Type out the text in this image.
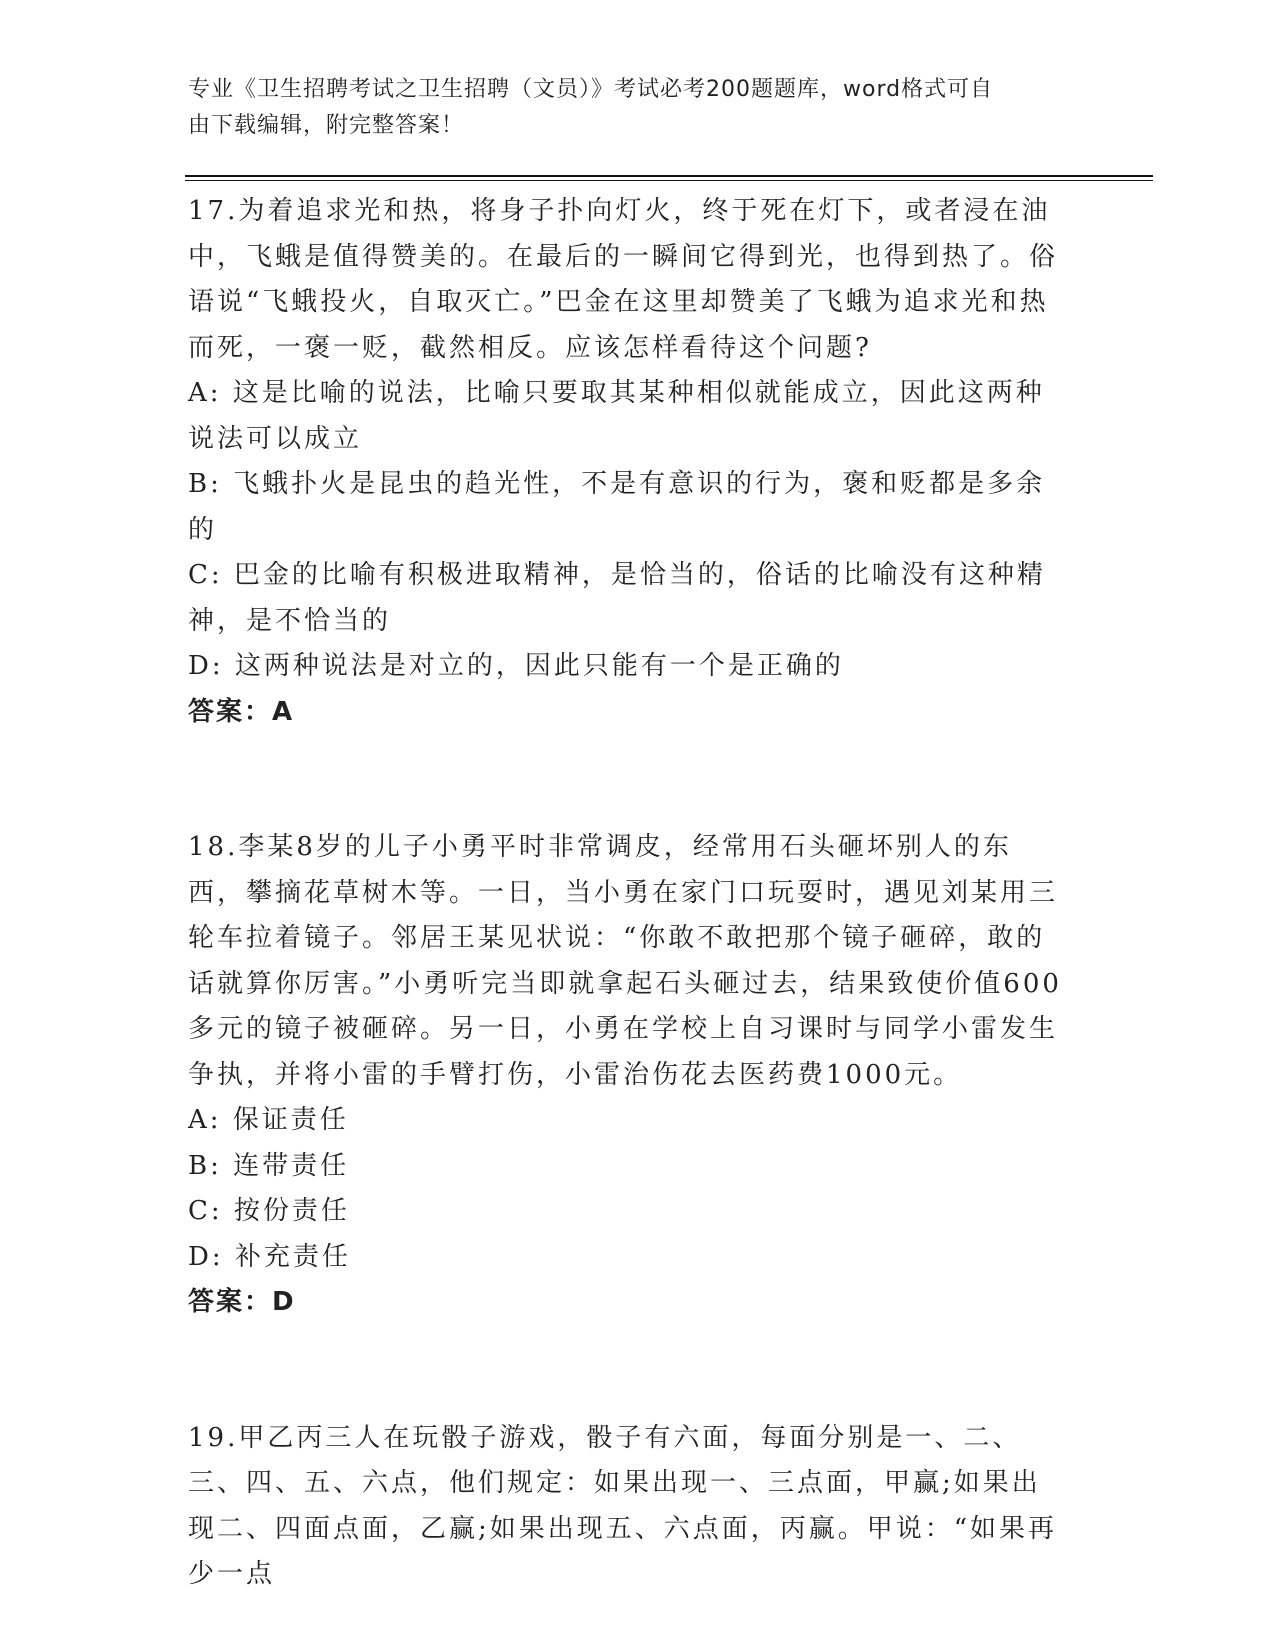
专业《卫生招聘考试之卫生招聘（文员）》考试必考200题题库，word格式可自
由下载编辑，附完整答案！

17.为着追求光和热，将身子扑向灯火，终于死在灯下，或者浸在油中，飞蛾是值得赞美的。在最后的一瞬间它得到光，也得到热了。俗语说“飞蛾投火，自取灭亡。”巴金在这里却赞美了飞蛾为追求光和热而死，一褒一贬，截然相反。应该怎样看待这个问题?

A: 这是比喻的说法，比喻只要取其某种相似就能成立，因此这两种说法可以成立

B: 飞蛾扑火是昆虫的趋光性，不是有意识的行为，褒和贬都是多余的

C: 巴金的比喻有积极进取精神，是恰当的，俗话的比喻没有这种精神，是不恰当的

D: 这两种说法是对立的，因此只能有一个是正确的

答案：A

18.李某8岁的儿子小勇平时非常调皮，经常用石头砸坏别人的东西，攀摘花草树木等。一日，当小勇在家门口玩耍时，遇见刘某用三轮车拉着镜子。邻居王某见状说：“你敢不敢把那个镜子砸碎，敢的话就算你厉害。”小勇听完当即就拿起石头砸过去，结果致使价值600多元的镜子被砸碎。另一日，小勇在学校上自习课时与同学小雷发生争执，并将小雷的手臂打伤，小雷治伤花去医药费1000元。

A: 保证责任

B: 连带责任

C: 按份责任

D: 补充责任

答案：D

19.甲乙丙三人在玩骰子游戏，骰子有六面，每面分别是一、二、三、四、五、六点，他们规定：如果出现一、三点面，甲赢;如果出现二、四面点面，乙赢;如果出现五、六点面，丙赢。甲说：“如果再少一点
